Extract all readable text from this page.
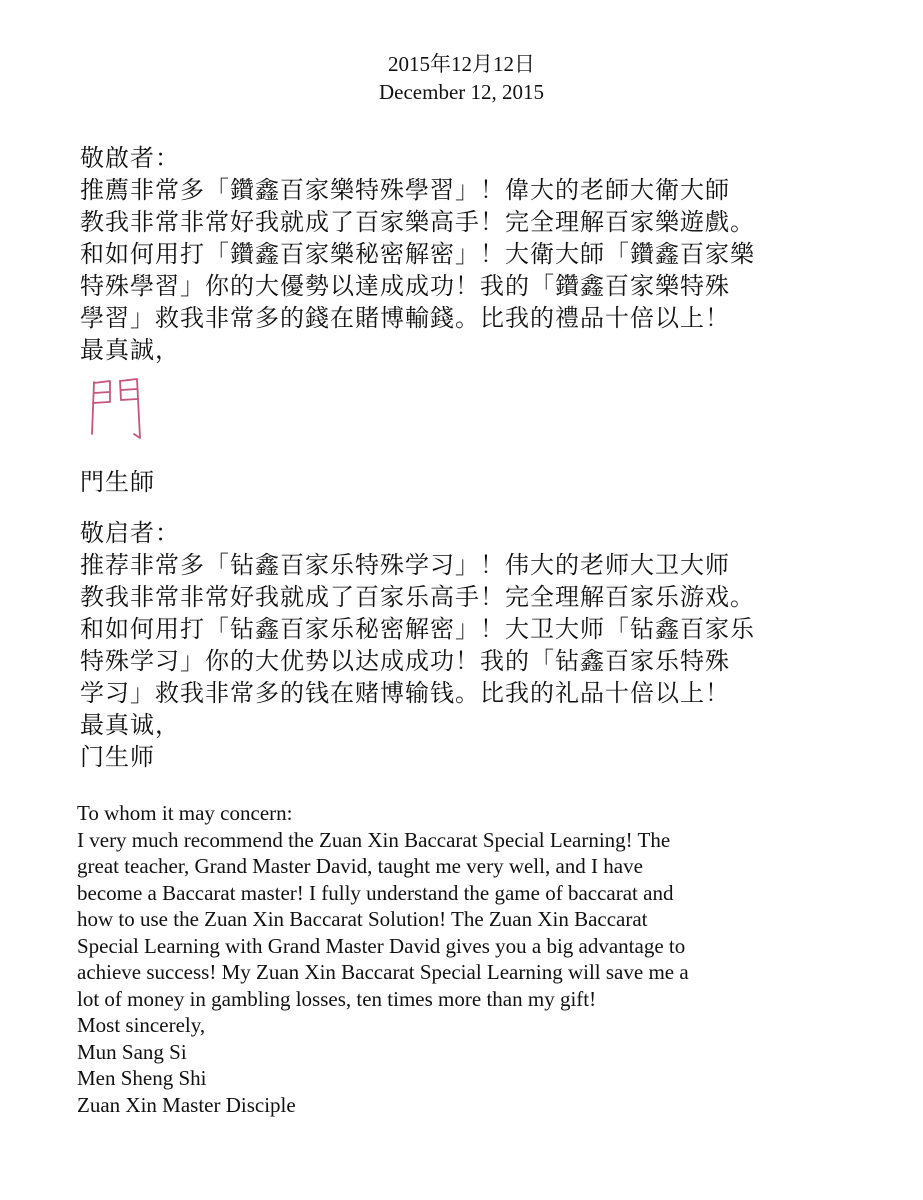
2015年12月12日
December 12, 2015
敬啟者：
推薦非常多「鑽鑫百家樂特殊學習」！偉大的老師大衛大師
教我非常非常好我就成了百家樂高手！完全理解百家樂遊戲。
和如何用打「鑽鑫百家樂秘密解密」！大衛大師「鑽鑫百家樂
特殊學習」你的大優勢以達成成功！我的「鑽鑫百家樂特殊
學習」救我非常多的錢在賭博輸錢。比我的禮品十倍以上！
最真誠，
門生師
敬启者：
推荐非常多「钻鑫百家乐特殊学习」！伟大的老师大卫大师
教我非常非常好我就成了百家乐高手！完全理解百家乐游戏。
和如何用打「钻鑫百家乐秘密解密」！大卫大师「钻鑫百家乐
特殊学习」你的大优势以达成成功！我的「钻鑫百家乐特殊
学习」救我非常多的钱在赌博输钱。比我的礼品十倍以上！
最真诚，
门生师
To whom it may concern:
I very much recommend the Zuan Xin Baccarat Special Learning! The
great teacher, Grand Master David, taught me very well, and I have
become a Baccarat master! I fully understand the game of baccarat and
how to use the Zuan Xin Baccarat Solution! The Zuan Xin Baccarat
Special Learning with Grand Master David gives you a big advantage to
achieve success! My Zuan Xin Baccarat Special Learning will save me a
lot of money in gambling losses, ten times more than my gift!
Most sincerely,
Mun Sang Si
Men Sheng Shi
Zuan Xin Master Disciple
